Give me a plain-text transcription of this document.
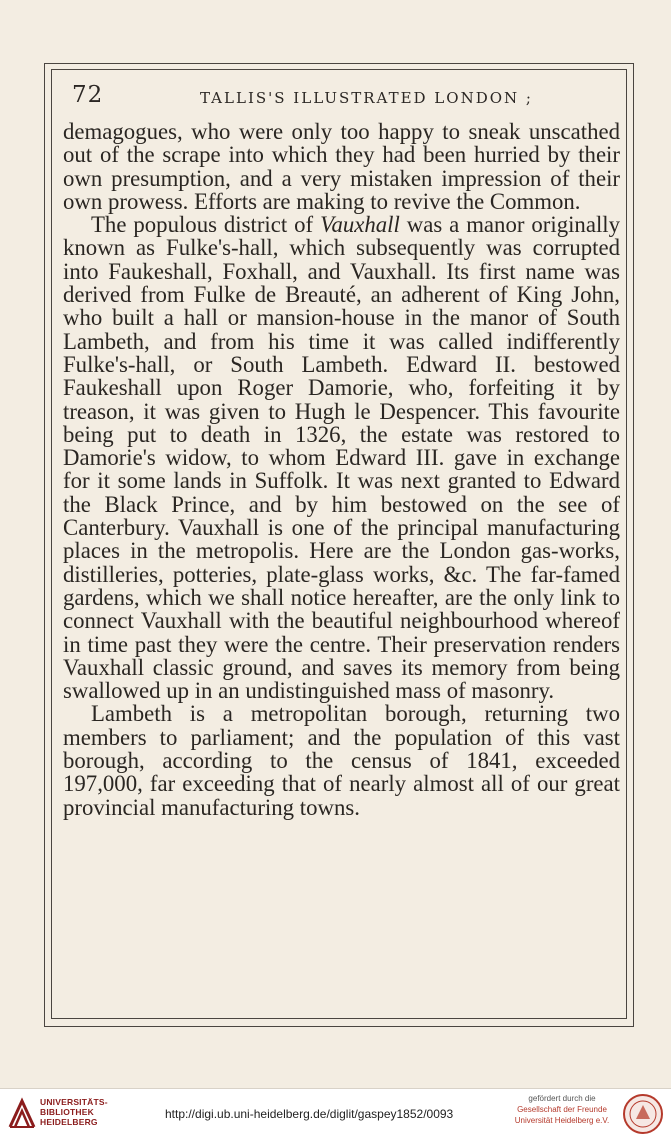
72	TALLIS'S ILLUSTRATED LONDON ;

demagogues, who were only too happy to sneak unscathed out of the scrape into which they had been hurried by their own presumption, and a very mistaken impression of their own prowess. Efforts are making to revive the Common.

The populous district of Vauxhall was a manor originally known as Fulke's-hall, which subsequently was corrupted into Faukeshall, Foxhall, and Vauxhall. Its first name was derived from Fulke de Breauté, an adherent of King John, who built a hall or mansion-house in the manor of South Lambeth, and from his time it was called indifferently Fulke's-hall, or South Lambeth. Edward II. bestowed Faukeshall upon Roger Damorie, who, forfeiting it by treason, it was given to Hugh le Despencer. This favourite being put to death in 1326, the estate was restored to Damorie's widow, to whom Edward III. gave in exchange for it some lands in Suffolk. It was next granted to Edward the Black Prince, and by him bestowed on the see of Canterbury. Vauxhall is one of the principal manufacturing places in the metropolis. Here are the London gas-works, distilleries, potteries, plate-glass works, &c. The far-famed gardens, which we shall notice hereafter, are the only link to connect Vauxhall with the beautiful neighbourhood whereof in time past they were the centre. Their preservation renders Vauxhall classic ground, and saves its memory from being swallowed up in an undistinguished mass of masonry.

Lambeth is a metropolitan borough, returning two members to parliament; and the population of this vast borough, according to the census of 1841, exceeded 197,000, far exceeding that of nearly almost all of our great provincial manufacturing towns.

UNIVERSITÄTS-
BIBLIOTHEK
HEIDELBERG
http://digi.ub.uni-heidelberg.de/diglit/gaspey1852/0093
gefördert durch die
Gesellschaft der Freunde
Universität Heidelberg e.V.
